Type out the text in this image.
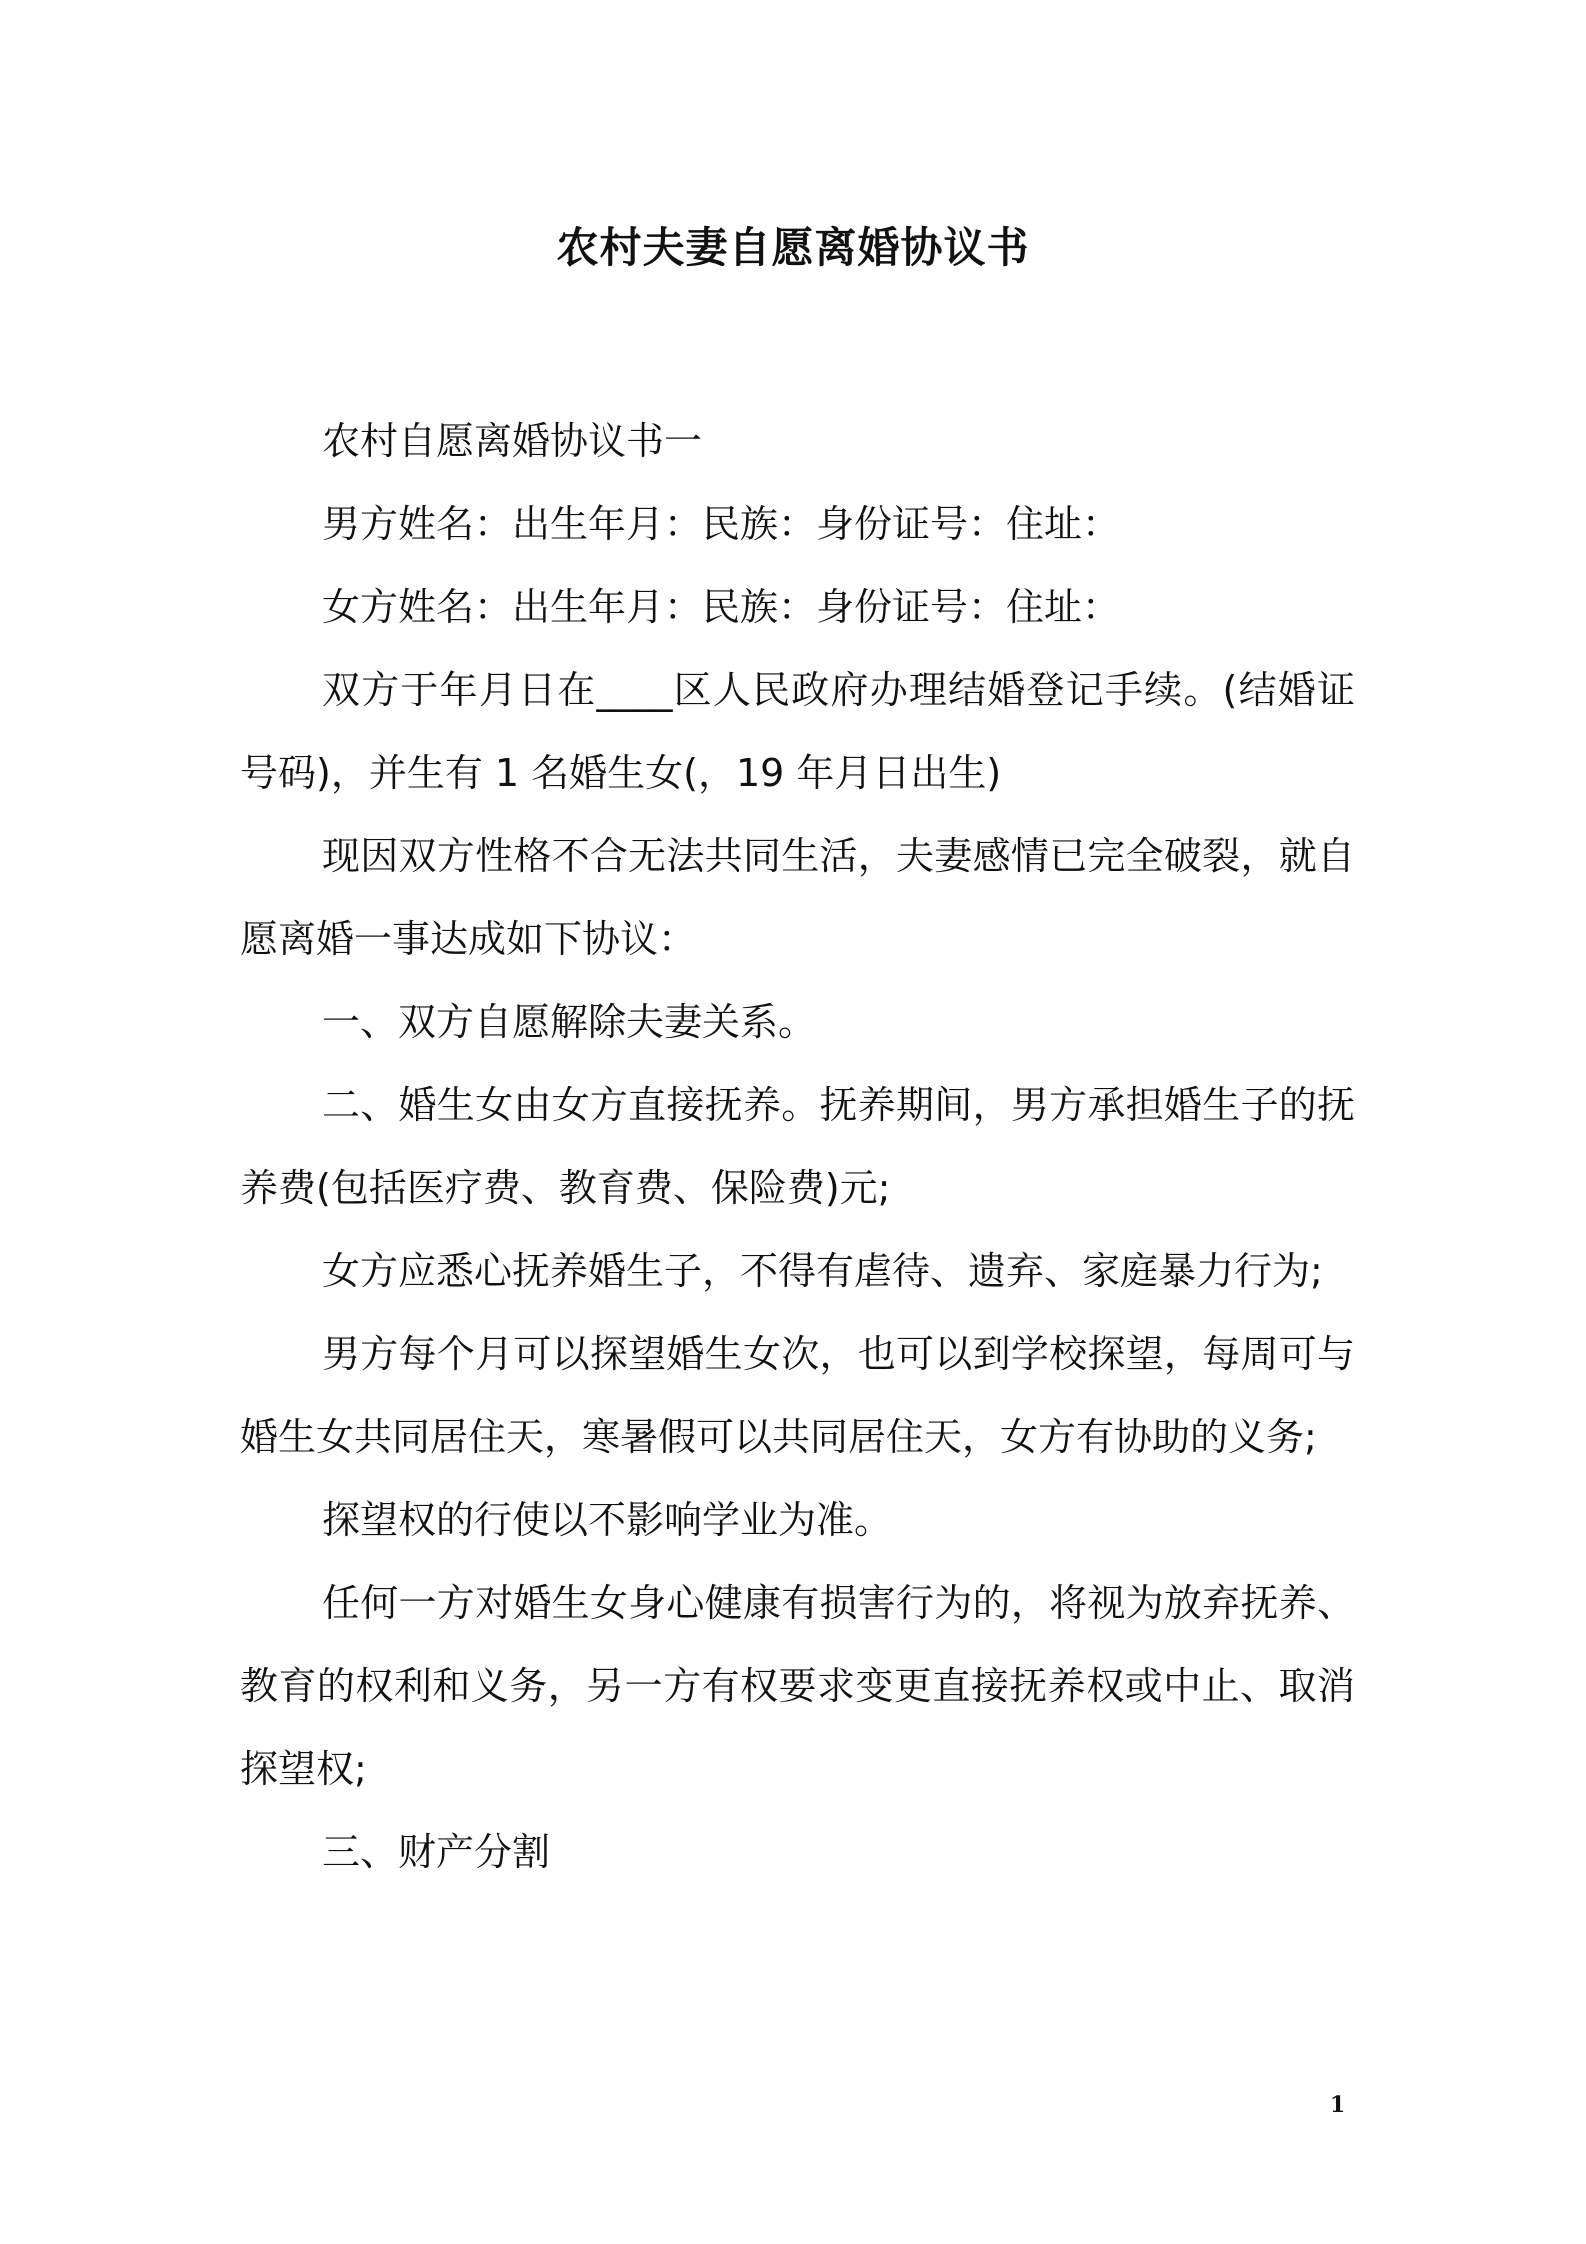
农村夫妻自愿离婚协议书

农村自愿离婚协议书一

男方姓名：出生年月：民族：身份证号：住址：

女方姓名：出生年月：民族：身份证号：住址：

双方于年月日在____区人民政府办理结婚登记手续。(结婚证号码)，并生有 1 名婚生女(，19 年月日出生)

现因双方性格不合无法共同生活，夫妻感情已完全破裂，就自愿离婚一事达成如下协议：

一、双方自愿解除夫妻关系。

二、婚生女由女方直接抚养。抚养期间，男方承担婚生子的抚养费(包括医疗费、教育费、保险费)元;

女方应悉心抚养婚生子，不得有虐待、遗弃、家庭暴力行为;

男方每个月可以探望婚生女次，也可以到学校探望，每周可与婚生女共同居住天，寒暑假可以共同居住天，女方有协助的义务;

探望权的行使以不影响学业为准。

任何一方对婚生女身心健康有损害行为的，将视为放弃抚养、教育的权利和义务，另一方有权要求变更直接抚养权或中止、取消探望权;

三、财产分割

1
